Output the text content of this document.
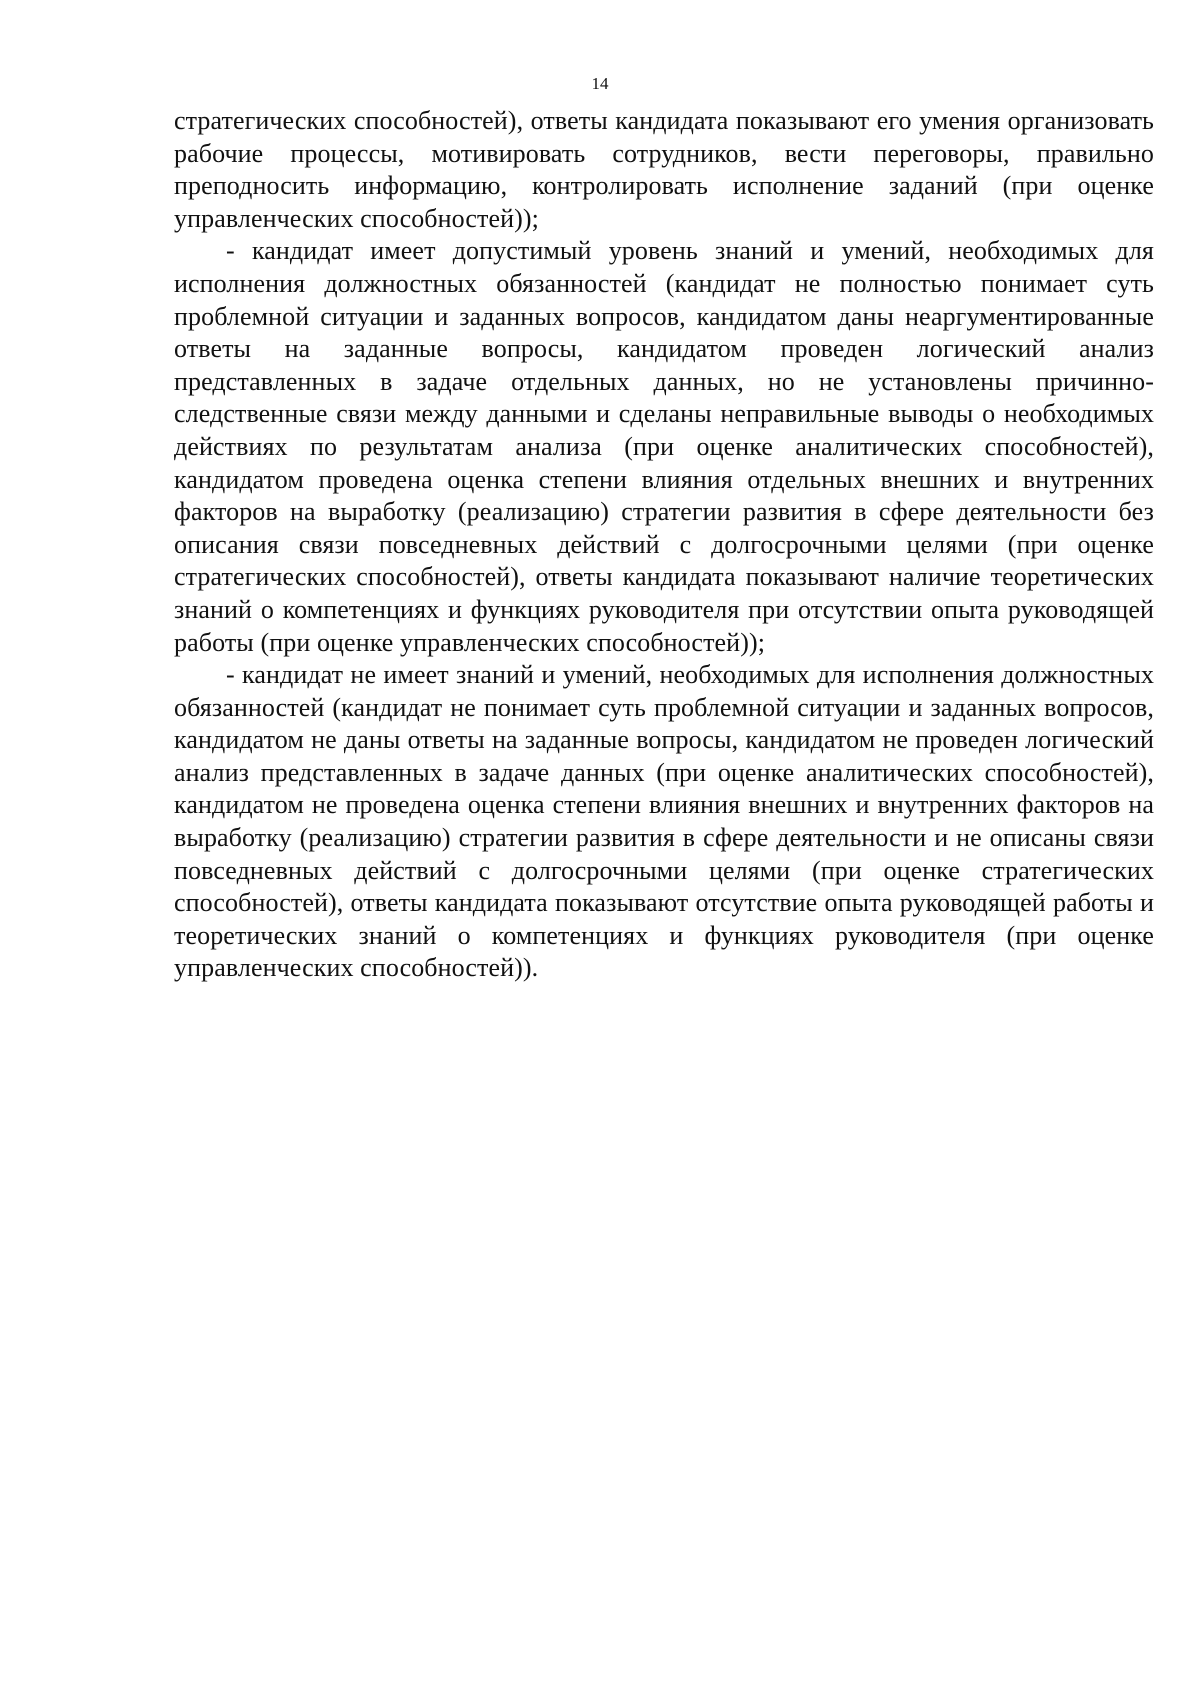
14

стратегических способностей), ответы кандидата показывают его умения организовать рабочие процессы, мотивировать сотрудников, вести переговоры, правильно преподносить информацию, контролировать исполнение заданий (при оценке управленческих способностей));

- кандидат имеет допустимый уровень знаний и умений, необходимых для исполнения должностных обязанностей (кандидат не полностью понимает суть проблемной ситуации и заданных вопросов, кандидатом даны неаргументированные ответы на заданные вопросы, кандидатом проведен логический анализ представленных в задаче отдельных данных, но не установлены причинно-следственные связи между данными и сделаны неправильные выводы о необходимых действиях по результатам анализа (при оценке аналитических способностей), кандидатом проведена оценка степени влияния отдельных внешних и внутренних факторов на выработку (реализацию) стратегии развития в сфере деятельности без описания связи повседневных действий с долгосрочными целями (при оценке стратегических способностей), ответы кандидата показывают наличие теоретических знаний о компетенциях и функциях руководителя при отсутствии опыта руководящей работы (при оценке управленческих способностей));

- кандидат не имеет знаний и умений, необходимых для исполнения должностных обязанностей (кандидат не понимает суть проблемной ситуации и заданных вопросов, кандидатом не даны ответы на заданные вопросы, кандидатом не проведен логический анализ представленных в задаче данных (при оценке аналитических способностей), кандидатом не проведена оценка степени влияния внешних и внутренних факторов на выработку (реализацию) стратегии развития в сфере деятельности и не описаны связи повседневных действий с долгосрочными целями (при оценке стратегических способностей), ответы кандидата показывают отсутствие опыта руководящей работы и теоретических знаний о компетенциях и функциях руководителя (при оценке управленческих способностей)).
